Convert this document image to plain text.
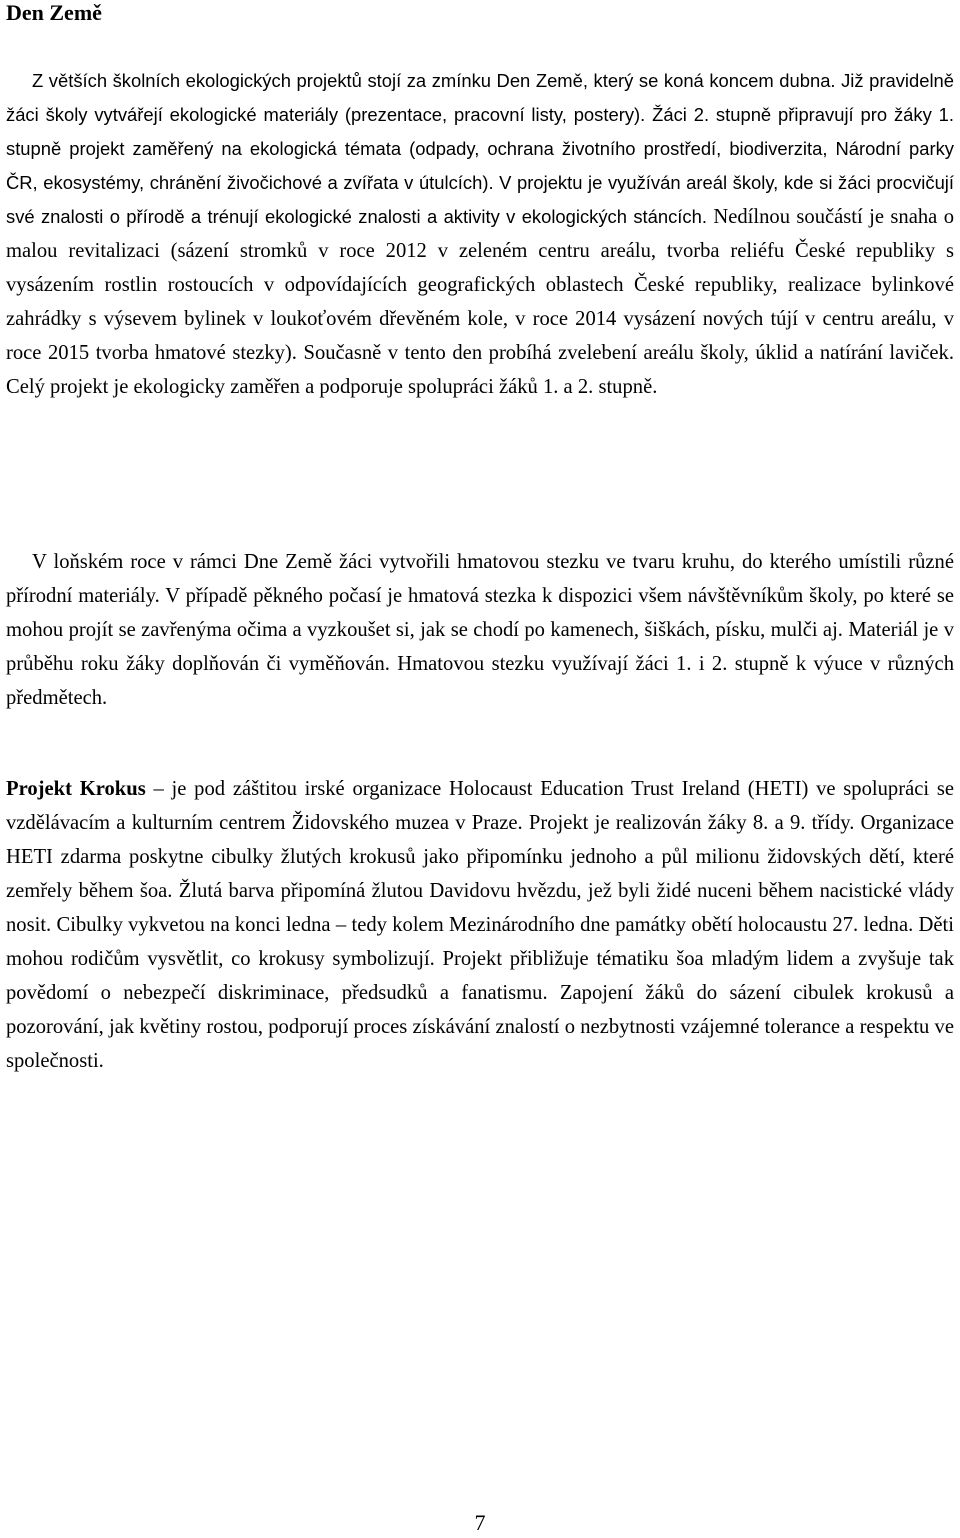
Den Země

Z větších školních ekologických projektů stojí za zmínku Den Země, který se koná koncem dubna. Již pravidelně žáci školy vytvářejí ekologické materiály (prezentace, pracovní listy, postery). Žáci 2. stupně připravují pro žáky 1. stupně projekt zaměřený na ekologická témata (odpady, ochrana životního prostředí, biodiverzita, Národní parky ČR, ekosystémy, chránění živočichové a zvířata v útulcích). V projektu je využíván areál školy, kde si žáci procvičují své znalosti o přírodě a trénují ekologické znalosti a aktivity v ekologických stáncích. Nedílnou součástí je snaha o malou revitalizaci (sázení stromků v roce 2012 v zeleném centru areálu, tvorba reliéfu České republiky s vysázením rostlin rostoucích v odpovídajících geografických oblastech České republiky, realizace bylinkové zahrádky s výsevem bylinek v loukoťovém dřevěném kole, v roce 2014 vysázení nových tújí v centru areálu, v roce 2015 tvorba hmatové stezky). Současně v tento den probíhá zvelebení areálu školy, úklid a natírání laviček. Celý projekt je ekologicky zaměřen a podporuje spolupráci žáků 1. a 2. stupně.

V loňském roce v rámci Dne Země žáci vytvořili hmatovou stezku ve tvaru kruhu, do kterého umístili různé přírodní materiály. V případě pěkného počasí je hmatová stezka k dispozici všem návštěvníkům školy, po které se mohou projít se zavřenýma očima a vyzkoušet si, jak se chodí po kamenech, šiškách, písku, mulči aj. Materiál je v průběhu roku žáky doplňován či vyměňován. Hmatovou stezku využívají žáci 1. i 2. stupně k výuce v různých předmětech.

Projekt Krokus – je pod záštitou irské organizace Holocaust Education Trust Ireland (HETI) ve spolupráci se vzdělávacím a kulturním centrem Židovského muzea v Praze. Projekt je realizován žáky 8. a 9. třídy. Organizace HETI zdarma poskytne cibulky žlutých krokusů jako připomínku jednoho a půl milionu židovských dětí, které zemřely během šoa. Žlutá barva připomíná žlutou Davidovu hvězdu, jež byli židé nuceni během nacistické vlády nosit. Cibulky vykvetou na konci ledna – tedy kolem Mezinárodního dne památky obětí holocaustu 27. ledna. Děti mohou rodičům vysvětlit, co krokusy symbolizují. Projekt přibližuje tématiku šoa mladým lidem a zvyšuje tak povědomí o nebezpečí diskriminace, předsudků a fanatismu. Zapojení žáků do sázení cibulek krokusů a pozorování, jak květiny rostou, podporují proces získávání znalostí o nezbytnosti vzájemné tolerance a respektu ve společnosti.

7
